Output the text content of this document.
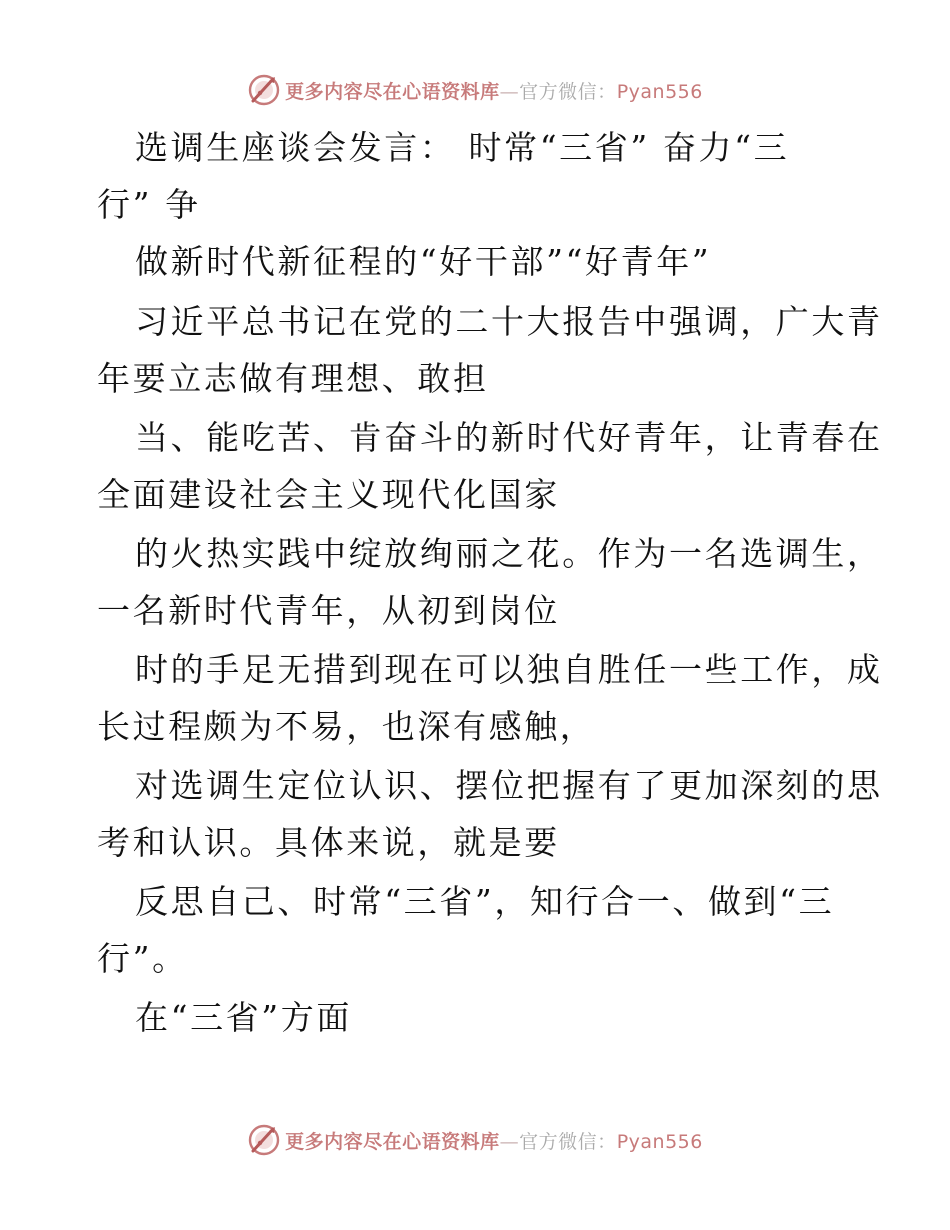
更多内容尽在心语资料库—官方微信：Pyan556
选调生座谈会发言： 时常“三省” 奋力“三
行” 争
做新时代新征程的“好干部”“好青年”
习近平总书记在党的二十大报告中强调，广大青
年要立志做有理想、敢担
当、能吃苦、肯奋斗的新时代好青年，让青春在
全面建设社会主义现代化国家
的火热实践中绽放绚丽之花。作为一名选调生，
一名新时代青年，从初到岗位
时的手足无措到现在可以独自胜任一些工作，成
长过程颇为不易，也深有感触，
对选调生定位认识、摆位把握有了更加深刻的思
考和认识。具体来说，就是要
反思自己、时常“三省”，知行合一、做到“三
行”。
在“三省”方面
更多内容尽在心语资料库—官方微信：Pyan556
